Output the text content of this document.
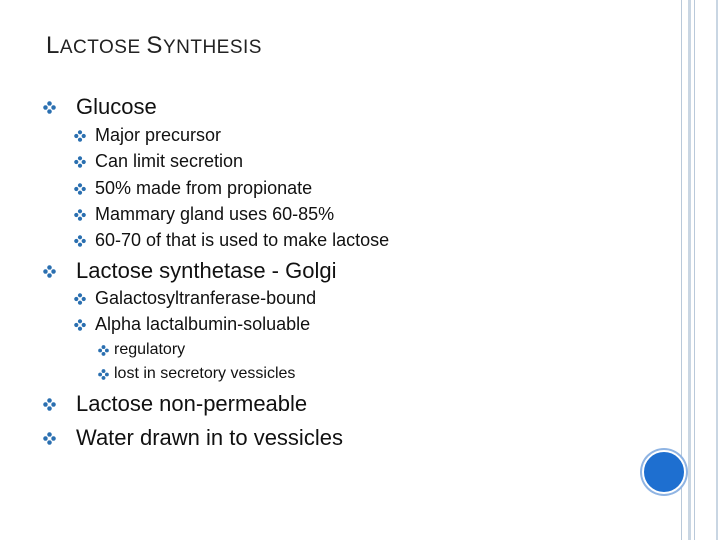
LACTOSE SYNTHESIS
Glucose
Major precursor
Can limit secretion
50% made from propionate
Mammary gland uses 60-85%
60-70 of that is used to make lactose
Lactose synthetase - Golgi
Galactosyltranferase-bound
Alpha lactalbumin-soluable
regulatory
lost in secretory vessicles
Lactose non-permeable
Water drawn in to vessicles
